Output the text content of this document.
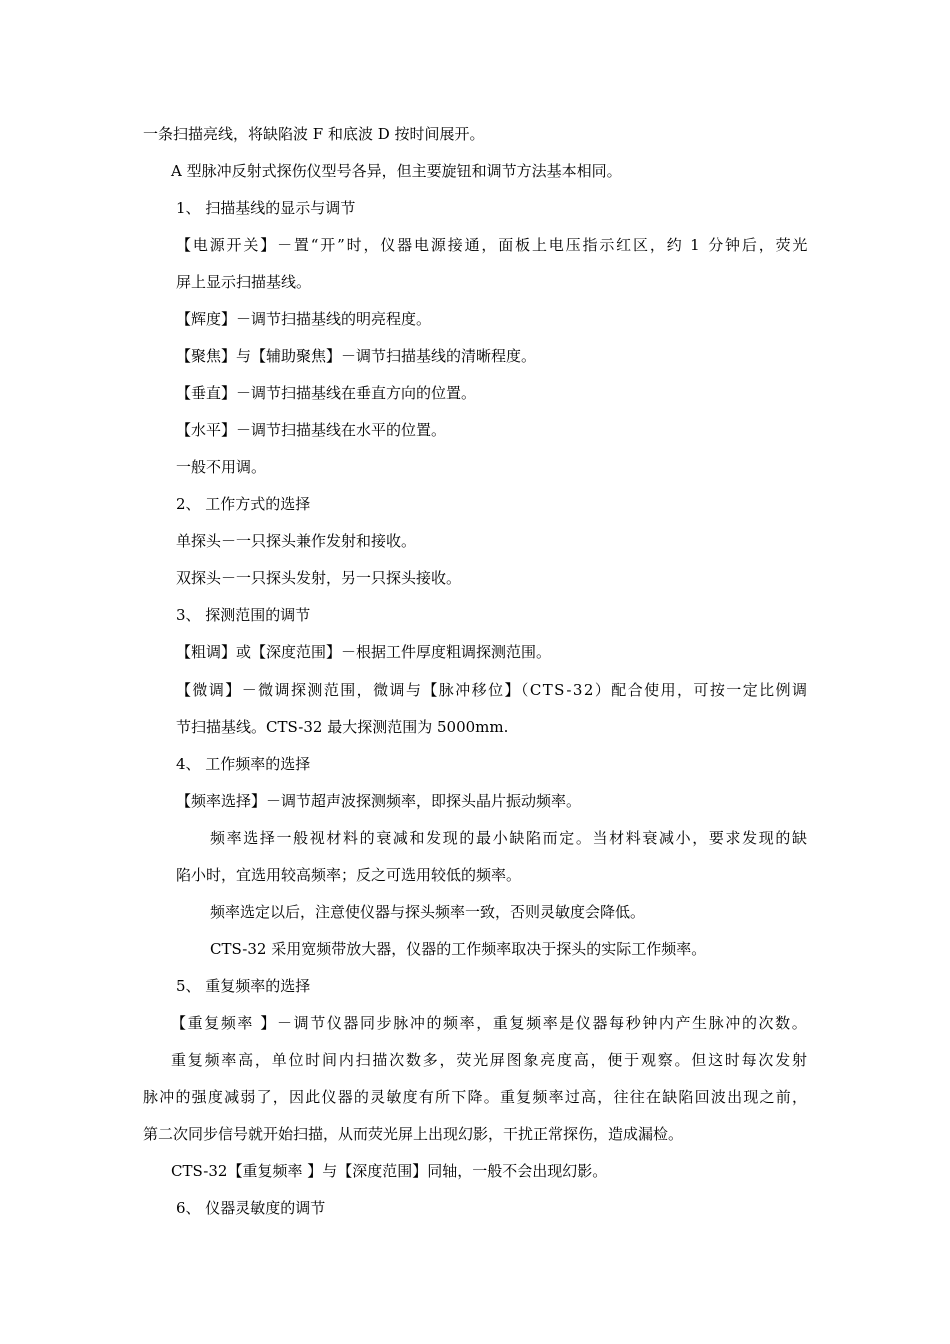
一条扫描亮线，将缺陷波 F 和底波 D 按时间展开。
A 型脉冲反射式探伤仪型号各异，但主要旋钮和调节方法基本相同。
1、 扫描基线的显示与调节
【电源开关】－置“开”时，仪器电源接通，面板上电压指示红区，约 1 分钟后，荧光
屏上显示扫描基线。
【辉度】－调节扫描基线的明亮程度。
【聚焦】与【辅助聚焦】－调节扫描基线的清晰程度。
【垂直】－调节扫描基线在垂直方向的位置。
【水平】－调节扫描基线在水平的位置。
一般不用调。
2、 工作方式的选择
单探头－一只探头兼作发射和接收。
双探头－一只探头发射，另一只探头接收。
3、 探测范围的调节
【粗调】或【深度范围】－根据工件厚度粗调探测范围。
【微调】－微调探测范围，微调与【脉冲移位】（CTS-32）配合使用，可按一定比例调
节扫描基线。CTS-32 最大探测范围为 5000mm.
4、 工作频率的选择
【频率选择】－调节超声波探测频率，即探头晶片振动频率。
频率选择一般视材料的衰减和发现的最小缺陷而定。当材料衰减小，要求发现的缺
陷小时，宜选用较高频率；反之可选用较低的频率。
频率选定以后，注意使仪器与探头频率一致，否则灵敏度会降低。
CTS-32 采用宽频带放大器，仪器的工作频率取决于探头的实际工作频率。
5、 重复频率的选择
【重复频率 】－调节仪器同步脉冲的频率，重复频率是仪器每秒钟内产生脉冲的次数。
重复频率高，单位时间内扫描次数多，荧光屏图象亮度高，便于观察。但这时每次发射
脉冲的强度减弱了，因此仪器的灵敏度有所下降。重复频率过高，往往在缺陷回波出现之前，
第二次同步信号就开始扫描，从而荧光屏上出现幻影，干扰正常探伤，造成漏检。
CTS-32【重复频率 】与【深度范围】同轴，一般不会出现幻影。
6、 仪器灵敏度的调节
